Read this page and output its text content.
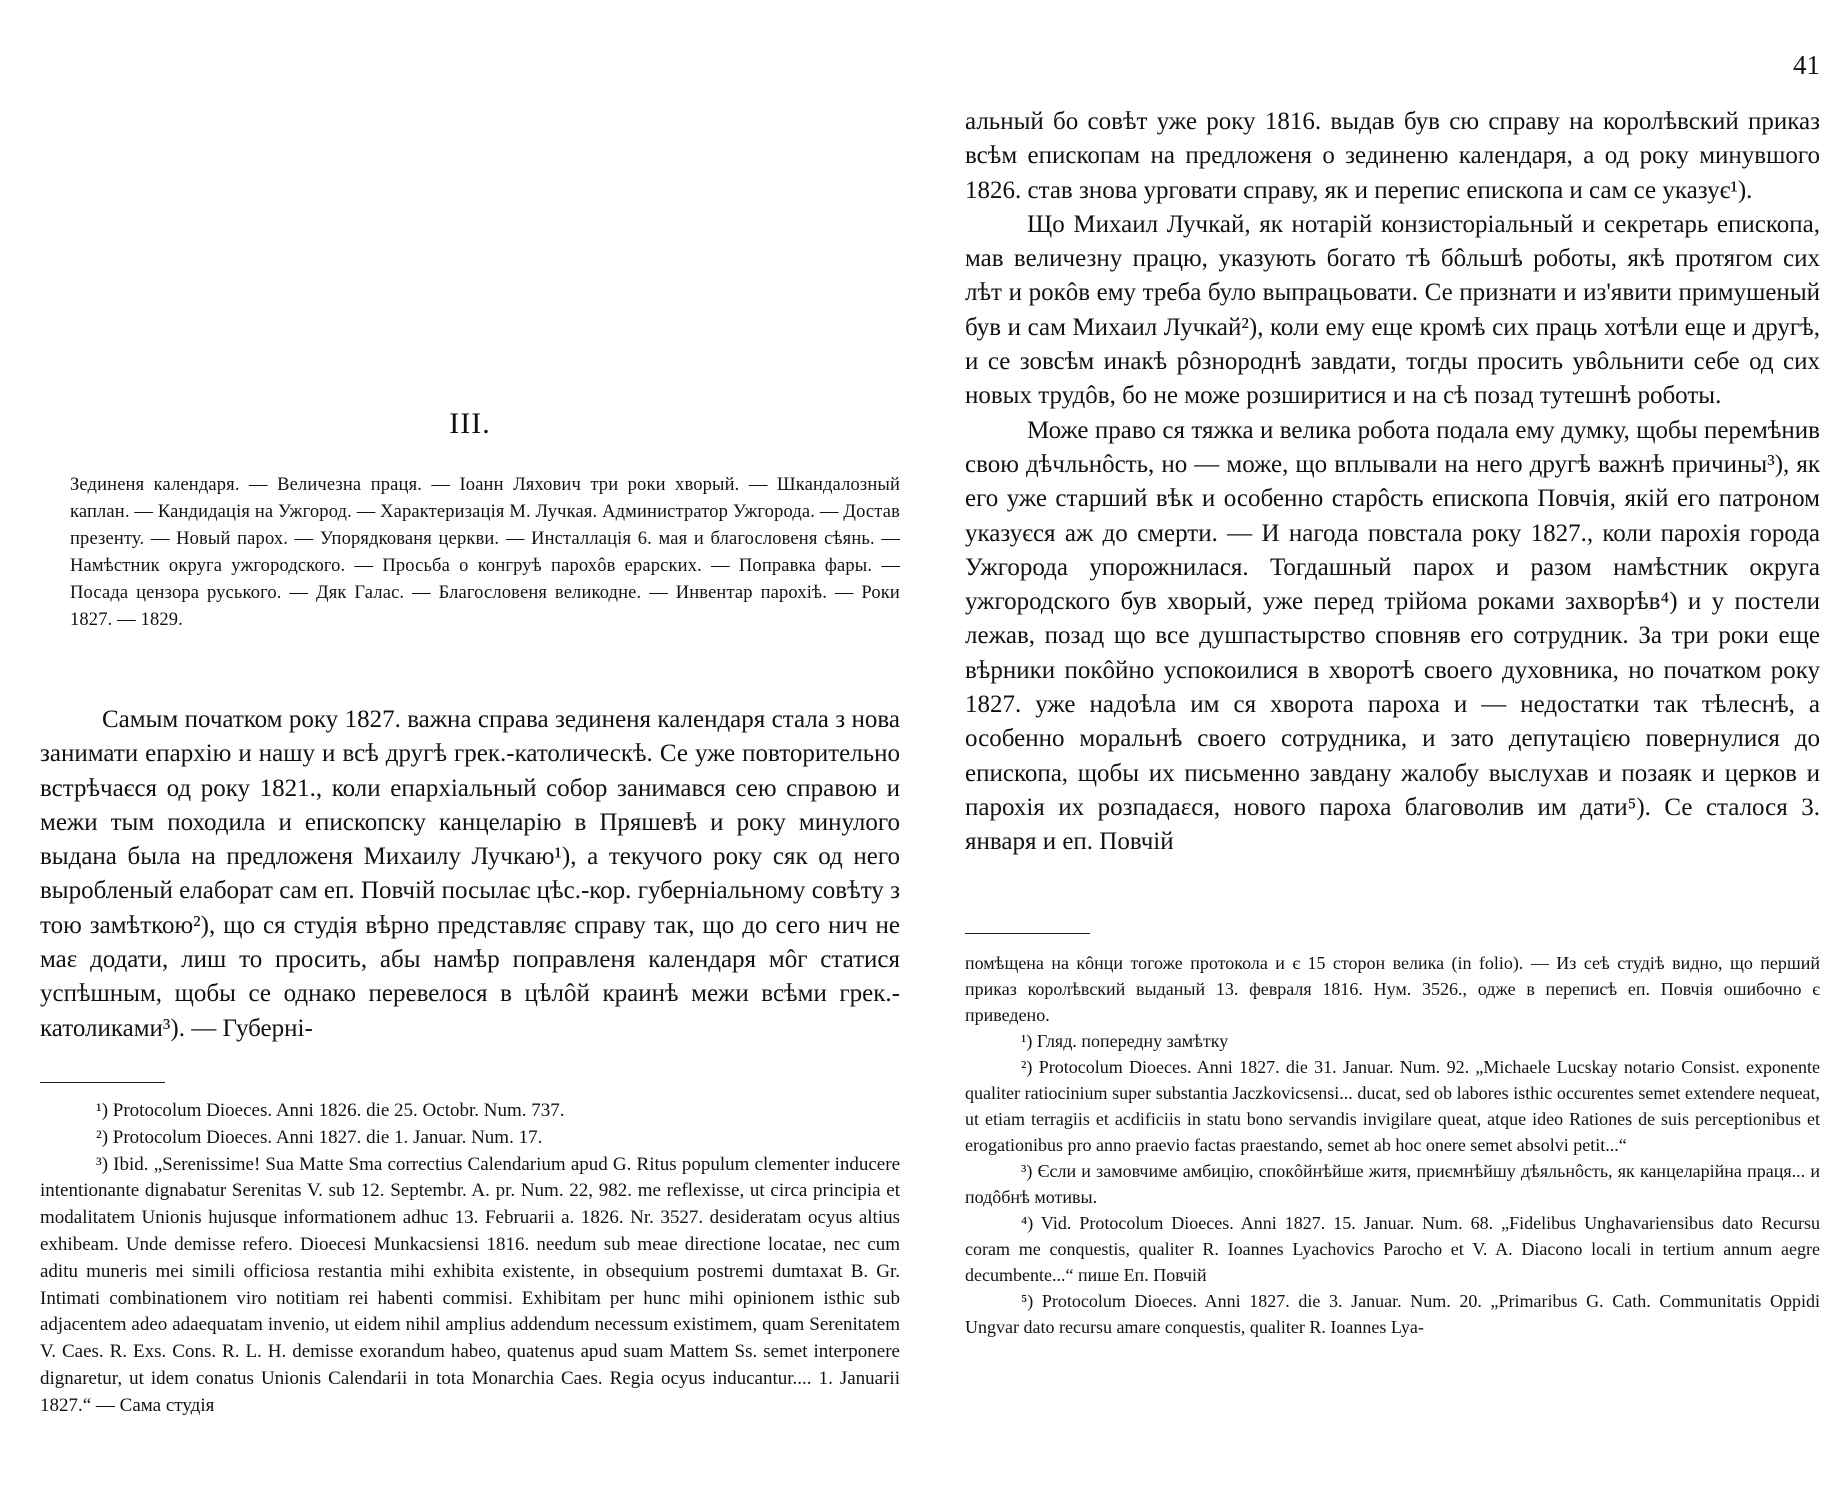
III.
Зединеня календаря. — Величезна праця. — Іоанн Ляхович три роки хворый. — Шкандалозный каплан. — Кандидація на Ужгород. — Характеризація М. Лучкая. Администратор Ужгорода. — Достав презенту. — Новый парох. — Упорядкованя церкви. — Инсталлація 6. мая и благословеня сѣянь. — Намѣстник округа ужгородского. — Просьба о конгруѣ парохôв ерарских. — Поправка фары. — Посада цензора руського. — Дяк Галас. — Благословеня великодне. — Инвентар парохіѣ. — Роки 1827. — 1829.

Самым початком року 1827. важна справа зединеня календаря стала з нова занимати епархію и нашу и всѣ другѣ грек.-католическѣ. Се уже повторительно встрѣчаєся од року 1821., коли епархіальный собор занимався сею справою и межи тым походила и епископску канцеларію в Пряшевѣ и року минулого выдана была на предложеня Михаилу Лучкаю¹), а текучого року сяк од него выробленый елаборат сам еп. Повчій посылає цѣс.-кор. губерніальному совѣту з тою замѣткою²), що ся студія вѣрно представляє справу так, що до сего нич не маε додати, лиш то просить, абы намѣр поправленя календаря мôг статися успѣшным, щобы се однако перевелося в цѣлôй краинѣ межи всѣми грек.-католиками³). — Губерні-

¹) Protocolum Dioeces. Anni 1826. die 25. Octobr. Num. 737.

²) Protocolum Dioeces. Anni 1827. die 1. Januar. Num. 17.

³) Ibid. „Serenissime! Sua Matte Sma correctius Calendarium apud G. Ritus populum clementer inducere intentionante dignabatur Serenitas V. sub 12. Septembr. A. pr. Num. 22, 982. me reflexisse, ut circa principia et modalitatem Unionis hujusque informationem adhuc 13. Februarii a. 1826. Nr. 3527. desideratam ocyus altius exhibeam. Unde demisse refero. Dioecesi Munkacsiensi 1816. needum sub meae directione locatae, nec cum aditu muneris mei simili officiosa restantia mihi exhibita existente, in obsequium postremi dumtaxat B. Gr. Intimati combinationem viro notitiam rei habenti commisi. Exhibitam per hunc mihi opinionem isthic sub adjacentem adeo adaequatam invenio, ut eidem nihil amplius addendum necessum existimem, quam Serenitatem V. Caes. R. Exs. Cons. R. L. H. demisse exorandum habeo, quatenus apud suam Mattem Ss. semet interponere dignaretur, ut idem conatus Unionis Calendarii in tota Monarchia Caes. Regia ocyus inducantur.... 1. Januarii 1827.“ — Сама студія

41

альный бо совѣт уже року 1816. выдав був сю справу на королѣвский приказ всѣм епископам на предложеня о зединеню календаря, а од року минувшого 1826. став знова урговати справу, як и перепис епископа и сам се указує¹).

Що Михаил Лучкай, як нотарій конзисторіальный и секретарь епископа, мав величезну працю, указують богато тѣ бôльшѣ роботы, якѣ протягом сих лѣт и рокôв ему треба було выпрацьовати. Се признати и из'явити примушеный був и сам Михаил Лучкай²), коли ему еще кромѣ сих праць хотѣли еще и другѣ, и се зовсѣм инакѣ рôзнороднѣ завдати, тогды просить увôльнити себе од сих новых трудôв, бо не може розширитися и на сѣ позад тутешнѣ роботы.

Може право ся тяжка и велика робота подала ему думку, щобы перемѣнив свою дѣчльнôсть, но — може, що вплывали на него другѣ важнѣ причины³), як его уже старший вѣк и особенно старôсть епископа Повчія, якій его патроном указуєся аж до смерти. — И нагода повстала року 1827., коли парохія города Ужгорода упорожнилася. Тогдашный парох и разом намѣстник округа ужгородского був хворый, уже перед трійома роками захворѣв⁴) и у постели лежав, позад що все душпастырство сповняв его сотрудник. За три роки еще вѣрники покôйно успокоилися в хворотѣ своего духовника, но початком року 1827. уже надоѣла им ся хворота пароха и — недостатки так тѣлеснѣ, а особенно моральнѣ своего сотрудника, и зато депутацією повернулися до епископа, щобы их письменно завдану жалобу выслухав и позаяк и церков и парохія их розпадаεся, нового пароха благоволив им дати⁵). Се сталося 3. января и еп. Повчій

помѣщена на кôнци тогоже протокола и є 15 сторон велика (in folio). — Из сеѣ студіѣ видно, що перший приказ королѣвский выданый 13. февраля 1816. Нум. 3526., одже в переписѣ еп. Повчія ошибочно є приведено.

¹) Гляд. попередну замѣтку

²) Protocolum Dioeces. Anni 1827. die 31. Januar. Num. 92. „Michaele Lucskay notario Consist. exponente qualiter ratiocinium super substantia Jaczkovicsensi... ducat, sed ob labores isthic occurentes semet extendere nequeat, ut etiam terragiis et acdificiis in statu bono servandis invigilare queat, atque ideo Rationes de suis perceptionibus et erogationibus pro anno praevio factas praestando, semet ab hoc onere semet absolvi petit...“

³) Єсли и замовчиме амбицію, спокôйнѣйше житя, приємнѣйшу дѣяльнôсть, як канцеларійна праця... и подôбнѣ мотивы.

⁴) Vid. Protocolum Dioeces. Anni 1827. 15. Januar. Num. 68. „Fidelibus Unghavariensibus dato Recursu coram me conquestis, qualiter R. Ioannes Lyachovics Parocho et V. A. Diacono locali in tertium annum aegre decumbente...“ пише Еп. Повчій

⁵) Protocolum Dioeces. Anni 1827. die 3. Januar. Num. 20. „Primaribus G. Cath. Communitatis Oppidi Ungvar dato recursu amare conquestis, qualiter R. Ioannes Lya-
